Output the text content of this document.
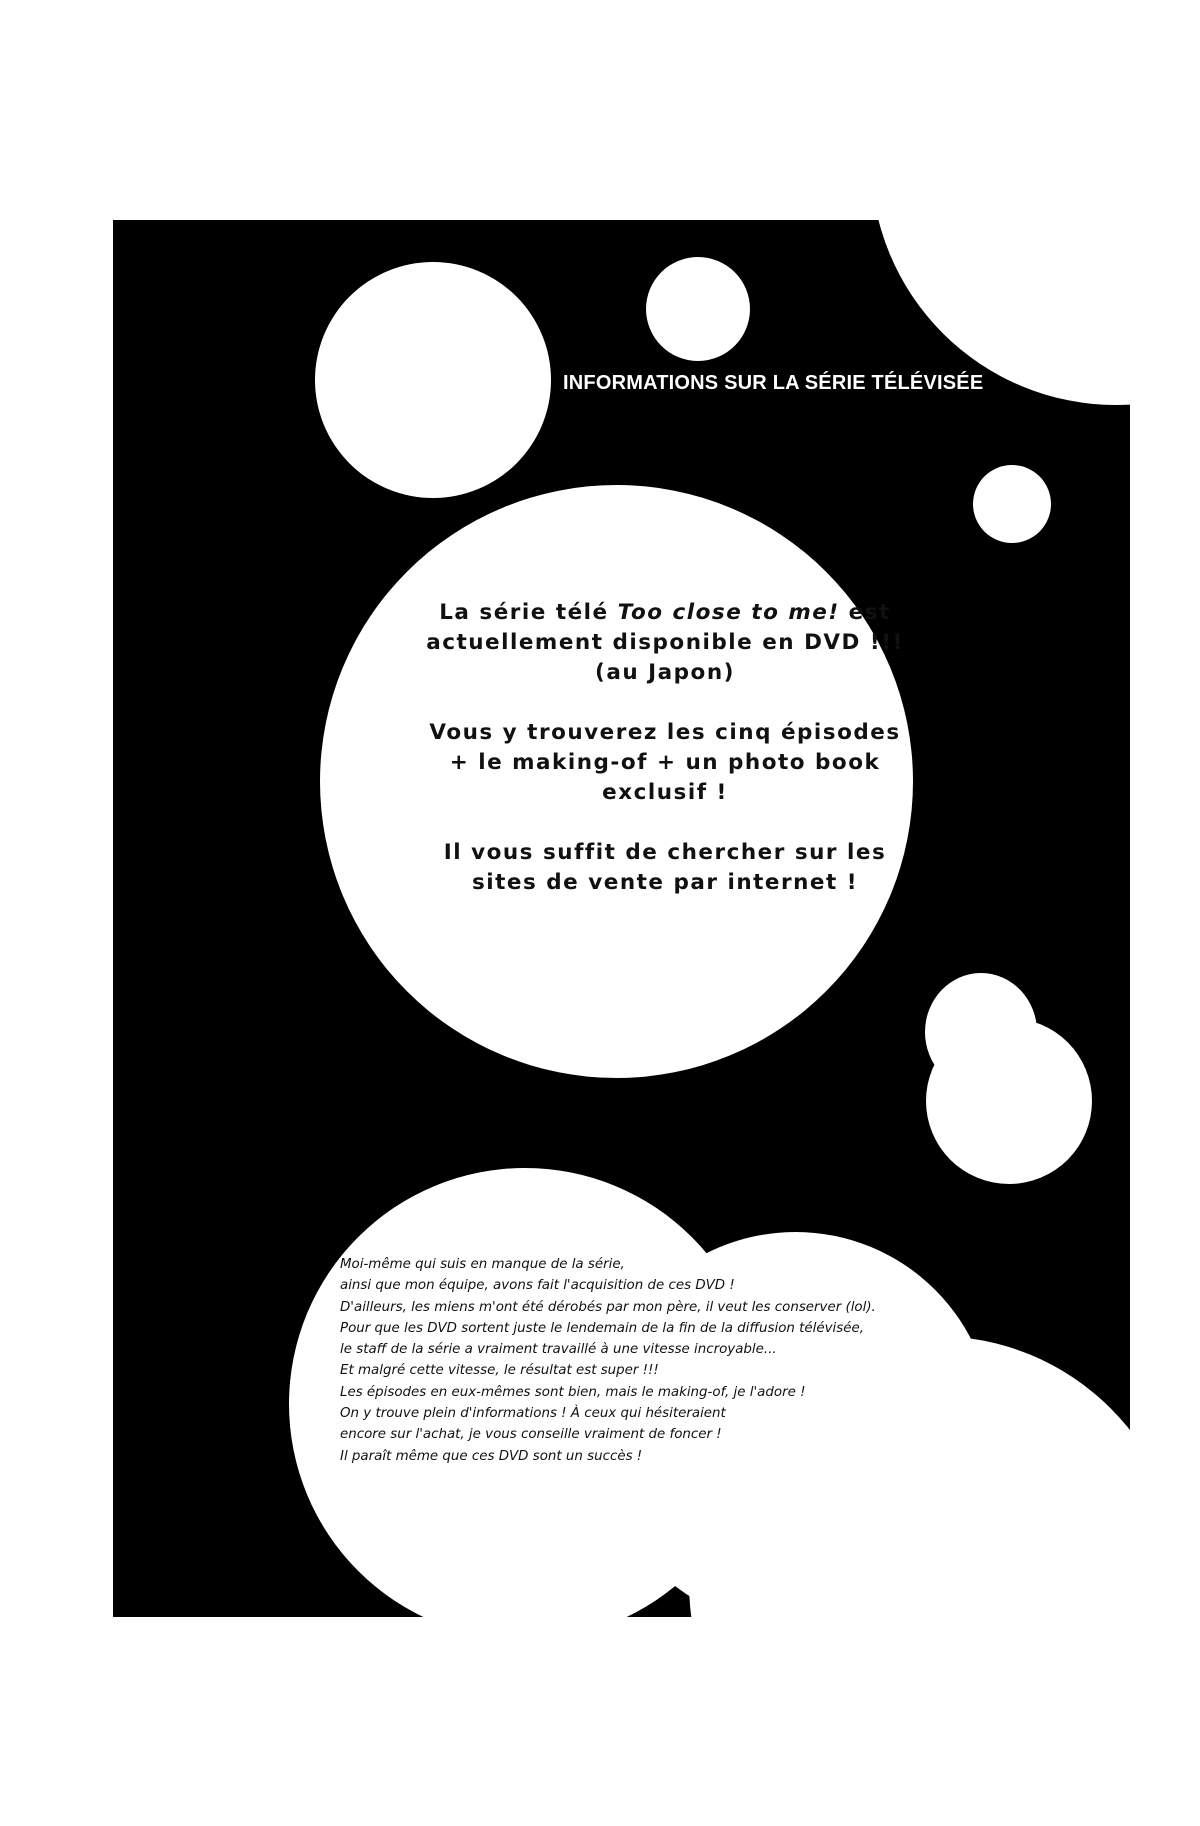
INFORMATIONS SUR LA SÉRIE TÉLÉVISÉE

La série télé Too close to me! est
actuellement disponible en DVD !!!
(au Japon)

Vous y trouverez les cinq épisodes
+ le making-of + un photo book
exclusif !

Il vous suffit de chercher sur les
sites de vente par internet !

Moi-même qui suis en manque de la série,
ainsi que mon équipe, avons fait l'acquisition de ces DVD !
D'ailleurs, les miens m'ont été dérobés par mon père, il veut les conserver (lol).
Pour que les DVD sortent juste le lendemain de la fin de la diffusion télévisée,
le staff de la série a vraiment travaillé à une vitesse incroyable...
Et malgré cette vitesse, le résultat est super !!!
Les épisodes en eux-mêmes sont bien, mais le making-of, je l'adore !
On y trouve plein d'informations ! À ceux qui hésiteraient
encore sur l'achat, je vous conseille vraiment de foncer !
Il paraît même que ces DVD sont un succès !
